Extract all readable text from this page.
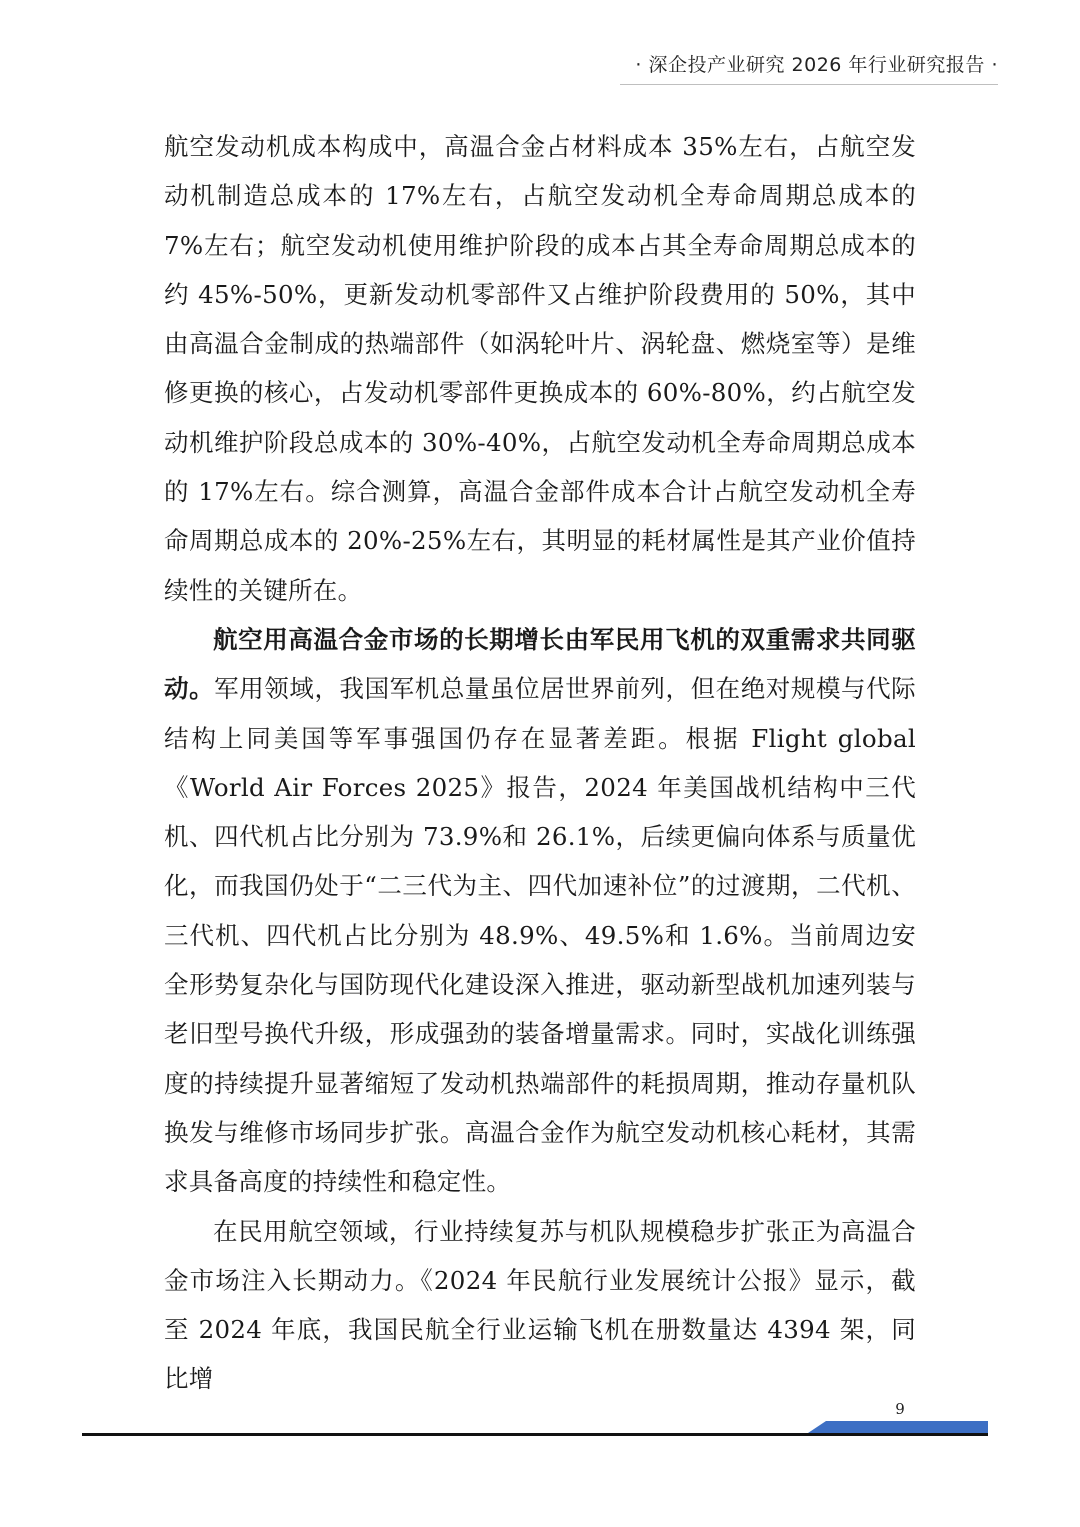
· 深企投产业研究 2026 年行业研究报告 ·

航空发动机成本构成中，高温合金占材料成本 35%左右，占航空发动机制造总成本的 17%左右，占航空发动机全寿命周期总成本的 7%左右；航空发动机使用维护阶段的成本占其全寿命周期总成本的约 45%-50%，更新发动机零部件又占维护阶段费用的 50%，其中由高温合金制成的热端部件（如涡轮叶片、涡轮盘、燃烧室等）是维修更换的核心，占发动机零部件更换成本的 60%-80%，约占航空发动机维护阶段总成本的 30%-40%，占航空发动机全寿命周期总成本的 17%左右。综合测算，高温合金部件成本合计占航空发动机全寿命周期总成本的 20%-25%左右，其明显的耗材属性是其产业价值持续性的关键所在。

航空用高温合金市场的长期增长由军民用飞机的双重需求共同驱动。军用领域，我国军机总量虽位居世界前列，但在绝对规模与代际结构上同美国等军事强国仍存在显著差距。根据 Flight global《World Air Forces 2025》报告，2024 年美国战机结构中三代机、四代机占比分别为 73.9%和 26.1%，后续更偏向体系与质量优化，而我国仍处于“二三代为主、四代加速补位”的过渡期，二代机、三代机、四代机占比分别为 48.9%、49.5%和 1.6%。当前周边安全形势复杂化与国防现代化建设深入推进，驱动新型战机加速列装与老旧型号换代升级，形成强劲的装备增量需求。同时，实战化训练强度的持续提升显著缩短了发动机热端部件的耗损周期，推动存量机队换发与维修市场同步扩张。高温合金作为航空发动机核心耗材，其需求具备高度的持续性和稳定性。

在民用航空领域，行业持续复苏与机队规模稳步扩张正为高温合金市场注入长期动力。《2024 年民航行业发展统计公报》显示，截至 2024 年底，我国民航全行业运输飞机在册数量达 4394 架，同比增

9
